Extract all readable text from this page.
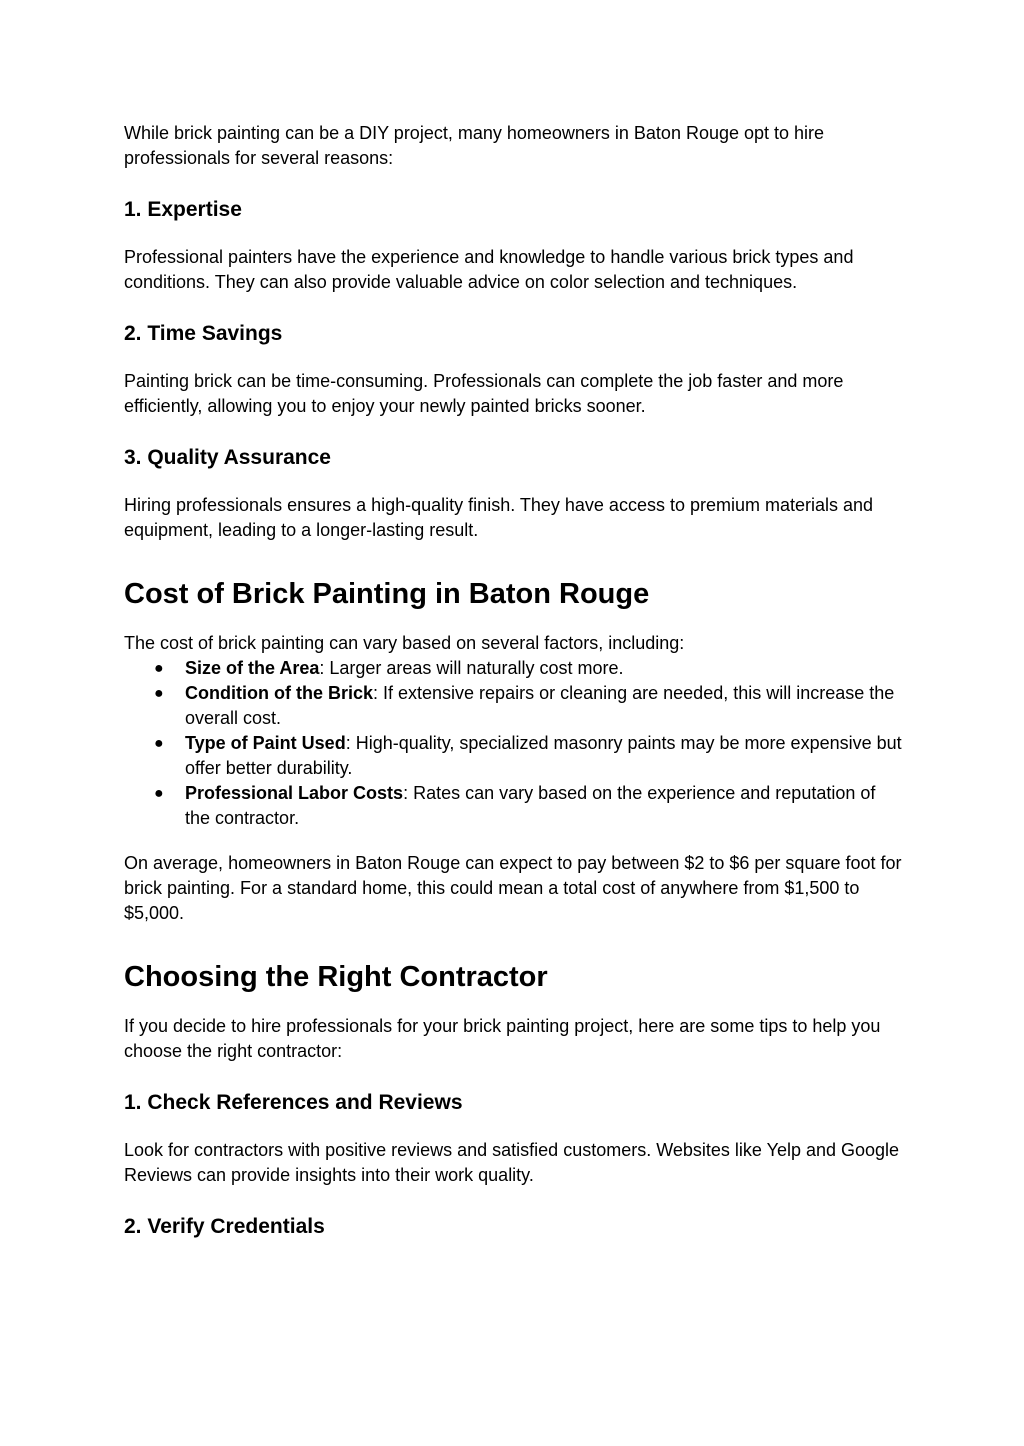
While brick painting can be a DIY project, many homeowners in Baton Rouge opt to hire professionals for several reasons:

1. Expertise

Professional painters have the experience and knowledge to handle various brick types and conditions. They can also provide valuable advice on color selection and techniques.

2. Time Savings

Painting brick can be time-consuming. Professionals can complete the job faster and more efficiently, allowing you to enjoy your newly painted bricks sooner.

3. Quality Assurance

Hiring professionals ensures a high-quality finish. They have access to premium materials and equipment, leading to a longer-lasting result.

Cost of Brick Painting in Baton Rouge

The cost of brick painting can vary based on several factors, including:

● Size of the Area: Larger areas will naturally cost more.
● Condition of the Brick: If extensive repairs or cleaning are needed, this will increase the overall cost.
● Type of Paint Used: High-quality, specialized masonry paints may be more expensive but offer better durability.
● Professional Labor Costs: Rates can vary based on the experience and reputation of the contractor.

On average, homeowners in Baton Rouge can expect to pay between $2 to $6 per square foot for brick painting. For a standard home, this could mean a total cost of anywhere from $1,500 to $5,000.

Choosing the Right Contractor

If you decide to hire professionals for your brick painting project, here are some tips to help you choose the right contractor:

1. Check References and Reviews

Look for contractors with positive reviews and satisfied customers. Websites like Yelp and Google Reviews can provide insights into their work quality.

2. Verify Credentials
